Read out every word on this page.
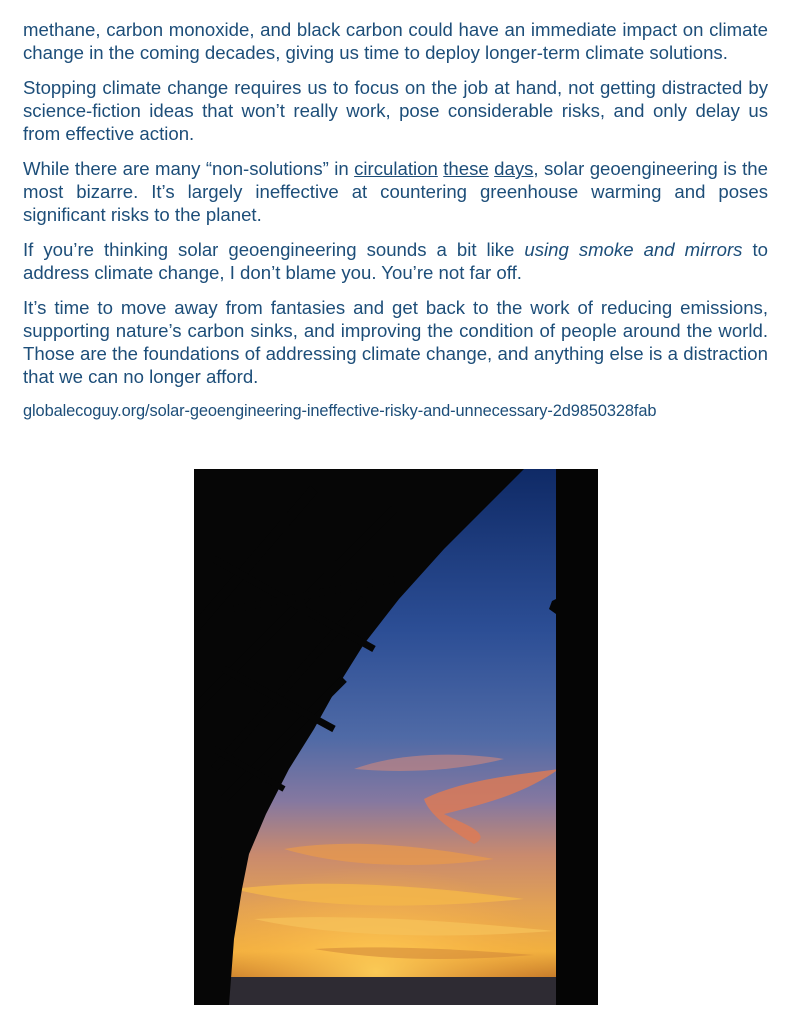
methane, carbon monoxide, and black carbon could have an immediate impact on climate change in the coming decades, giving us time to deploy longer-term climate solutions.

Stopping climate change requires us to focus on the job at hand, not getting distracted by science-fiction ideas that won’t really work, pose considerable risks, and only delay us from effective action.

While there are many “non-solutions” in circulation these days, solar geoengineering is the most bizarre. It’s largely ineffective at countering greenhouse warming and poses significant risks to the planet.

If you’re thinking solar geoengineering sounds a bit like using smoke and mirrors to address climate change, I don’t blame you. You’re not far off.

It’s time to move away from fantasies and get back to the work of reducing emissions, supporting nature’s carbon sinks, and improving the condition of people around the world. Those are the foundations of addressing climate change, and anything else is a distraction that we can no longer afford.

globalecoguy.org/solar-geoengineering-ineffective-risky-and-unnecessary-2d9850328fab
